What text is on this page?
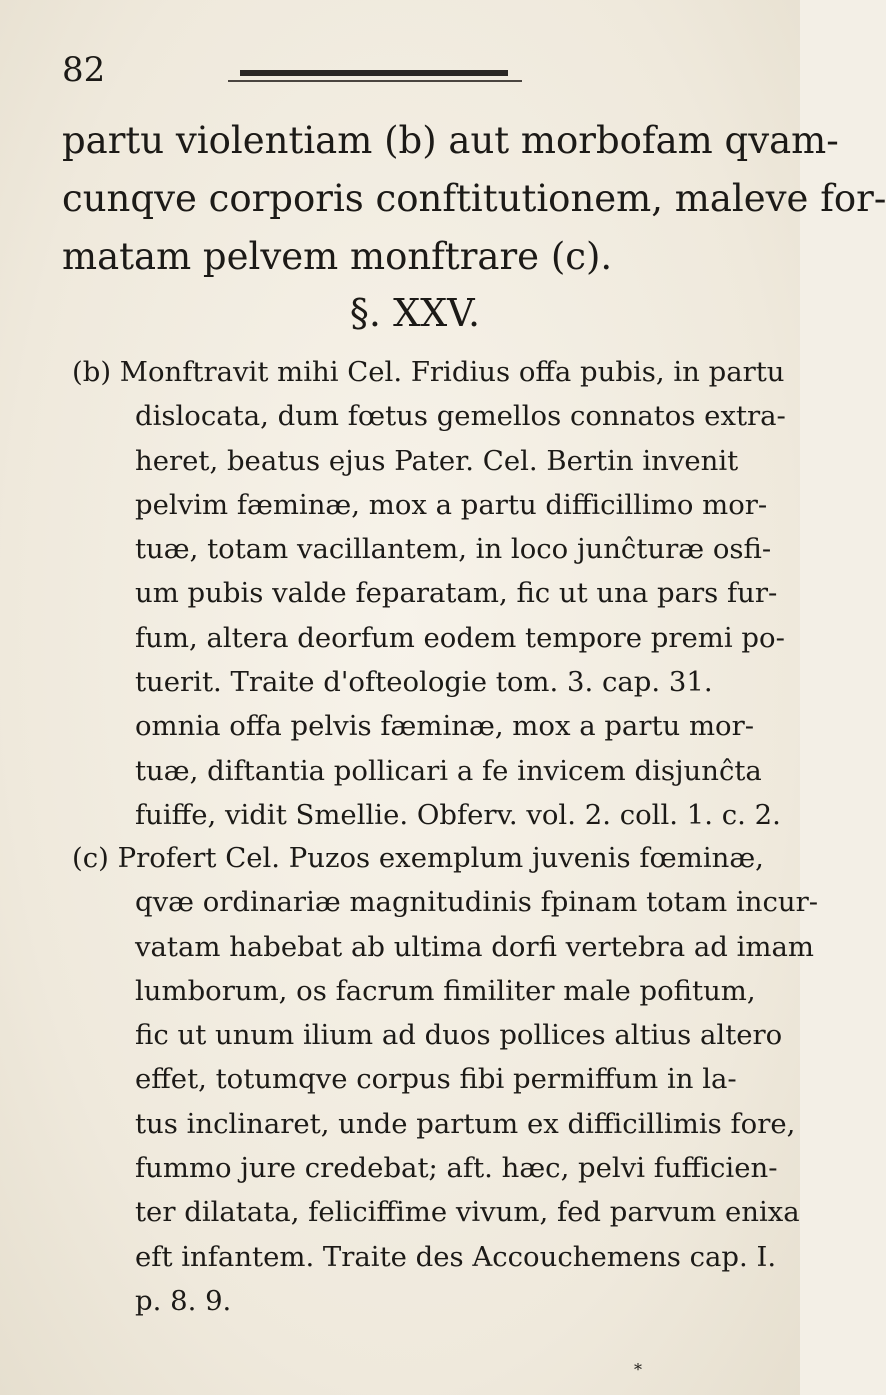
82
partu violentiam (b) aut morbofam qvam-
cunqve corporis conftitutionem, maleve for-
matam pelvem monftrare (c).
§. XXV.
(b) Monftravit mihi Cel. Fridius offa pubis, in partu
dislocata, dum fœtus gemellos connatos extra-
heret, beatus ejus Pater. Cel. Bertin invenit
pelvim fæminæ, mox a partu difficillimo mor-
tuæ, totam vacillantem, in loco junĉturæ osfi-
um pubis valde feparatam, fic ut una pars fur-
fum, altera deorfum eodem tempore premi po-
tuerit. Traite d'ofteologie tom. 3. cap. 31.
omnia offa pelvis fæminæ, mox a partu mor-
tuæ, diftantia pollicari a fe invicem disjunĉta
fuiffe, vidit Smellie. Obferv. vol. 2. coll. 1. c. 2.
(c) Profert Cel. Puzos exemplum juvenis fœminæ,
qvæ ordinariæ magnitudinis fpinam totam incur-
vatam habebat ab ultima dorfi vertebra ad imam
lumborum, os facrum fimiliter male pofitum,
fic ut unum ilium ad duos pollices altius altero
effet, totumqve corpus fibi permiffum in la-
tus inclinaret, unde partum ex difficillimis fore,
fummo jure credebat; aft. hæc, pelvi fufficien-
ter dilatata, feliciffime vivum, fed parvum enixa
eft infantem. Traite des Accouchemens cap. I.
p. 8. 9.
*
